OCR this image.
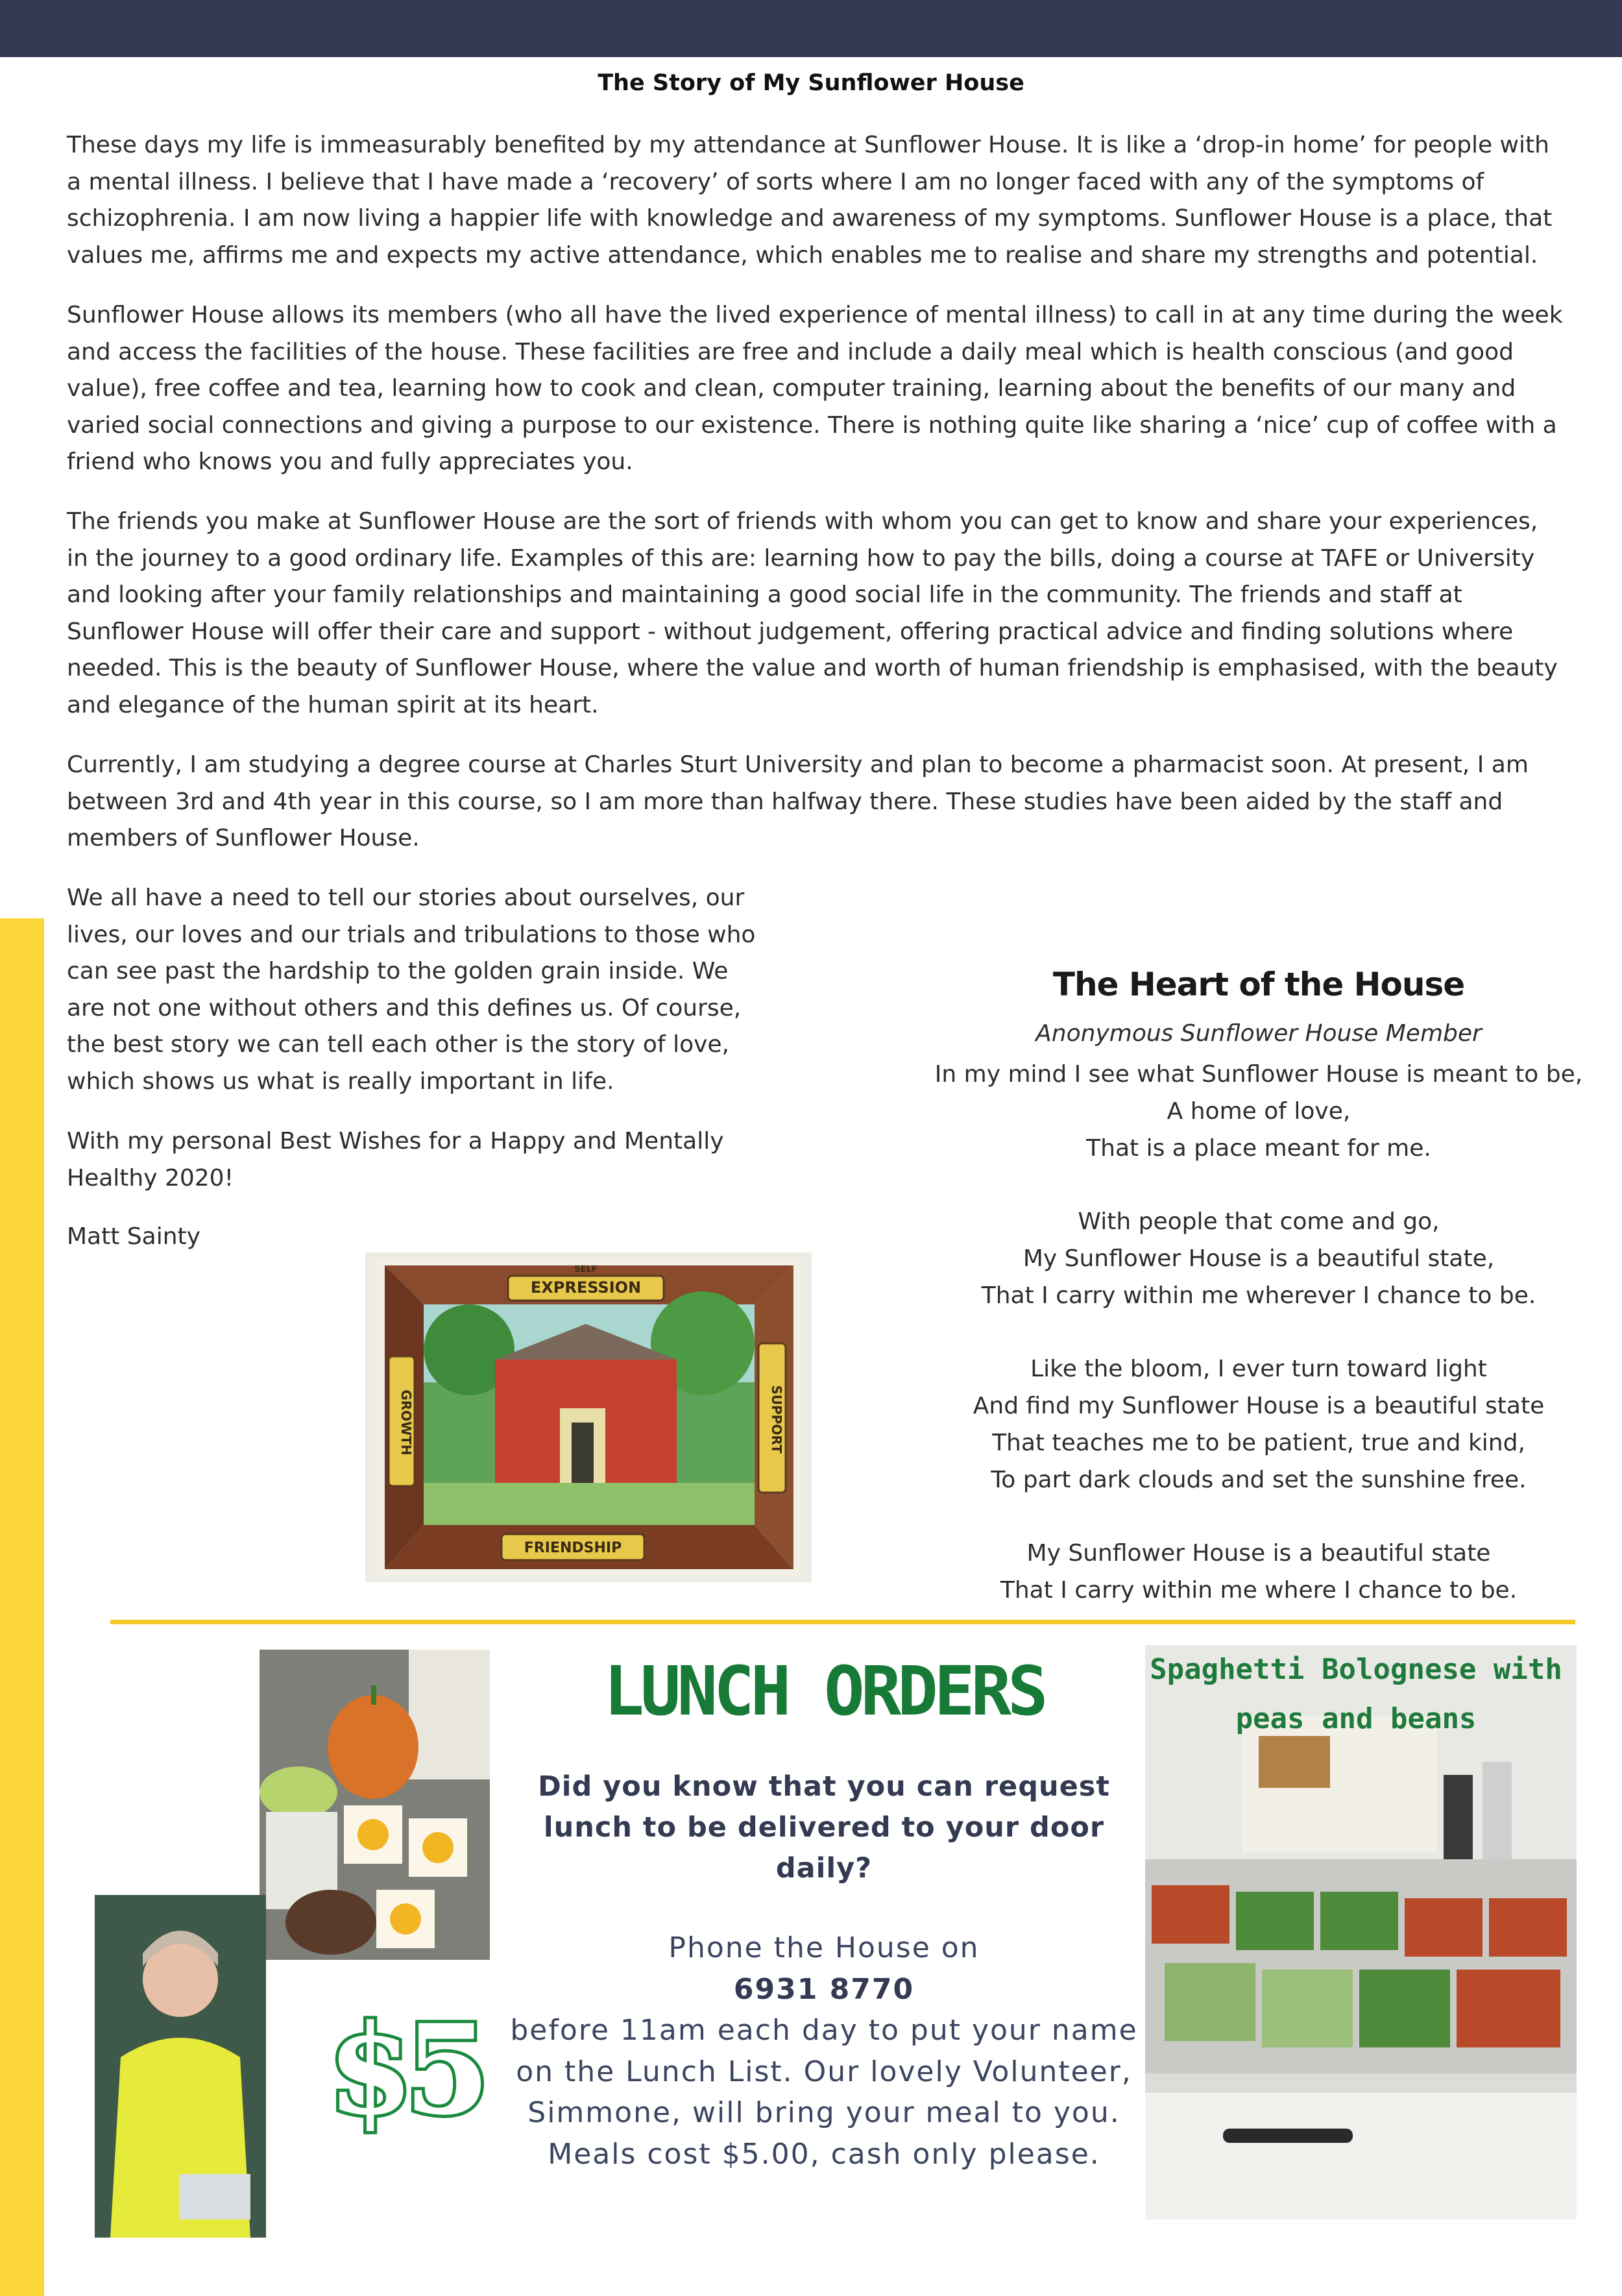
The Story of My Sunflower House

These days my life is immeasurably benefited by my attendance at Sunflower House. It is like a ‘drop-in home’ for people with a mental illness. I believe that I have made a ‘recovery’ of sorts where I am no longer faced with any of the symptoms of schizophrenia. I am now living a happier life with knowledge and awareness of my symptoms. Sunflower House is a place, that values me, affirms me and expects my active attendance, which enables me to realise and share my strengths and potential.

Sunflower House allows its members (who all have the lived experience of mental illness) to call in at any time during the week and access the facilities of the house. These facilities are free and include a daily meal which is health conscious (and good value), free coffee and tea, learning how to cook and clean, computer training, learning about the benefits of our many and varied social connections and giving a purpose to our existence. There is nothing quite like sharing a ‘nice’ cup of coffee with a friend who knows you and fully appreciates you.

The friends you make at Sunflower House are the sort of friends with whom you can get to know and share your experiences, in the journey to a good ordinary life. Examples of this are: learning how to pay the bills, doing a course at TAFE or University and looking after your family relationships and maintaining a good social life in the community. The friends and staff at Sunflower House will offer their care and support - without judgement, offering practical advice and finding solutions where needed. This is the beauty of Sunflower House, where the value and worth of human friendship is emphasised, with the beauty and elegance of the human spirit at its heart.

Currently, I am studying a degree course at Charles Sturt University and plan to become a pharmacist soon. At present, I am between 3rd and 4th year in this course, so I am more than halfway there. These studies have been aided by the staff and members of Sunflower House.

We all have a need to tell our stories about ourselves, our lives, our loves and our trials and tribulations to those who can see past the hardship to the golden grain inside. We are not one without others and this defines us. Of course, the best story we can tell each other is the story of love, which shows us what is really important in life.

With my personal Best Wishes for a Happy and Mentally Healthy 2020!

Matt Sainty

SELF
EXPRESSION
FRIENDSHIP
GROWTH	SUPPORT
The Heart of the House
Anonymous Sunflower House Member
In my mind I see what Sunflower House is meant to be,
A home of love,
That is a place meant for me.
With people that come and go,
My Sunflower House is a beautiful state,
That I carry within me wherever I chance to be.
Like the bloom, I ever turn toward light
And find my Sunflower House is a beautiful state
That teaches me to be patient, true and kind,
To part dark clouds and set the sunshine free.
My Sunflower House is a beautiful state
That I carry within me where I chance to be.
$5
LUNCH ORDERS
Did you know that you can request lunch to be delivered to your door daily?
Phone the House on
6931 8770
before 11am each day to put your name on the Lunch List. Our lovely Volunteer, Simmone, will bring your meal to you.
Meals cost $5.00, cash only please.
Spaghetti Bolognese with peas and beans
